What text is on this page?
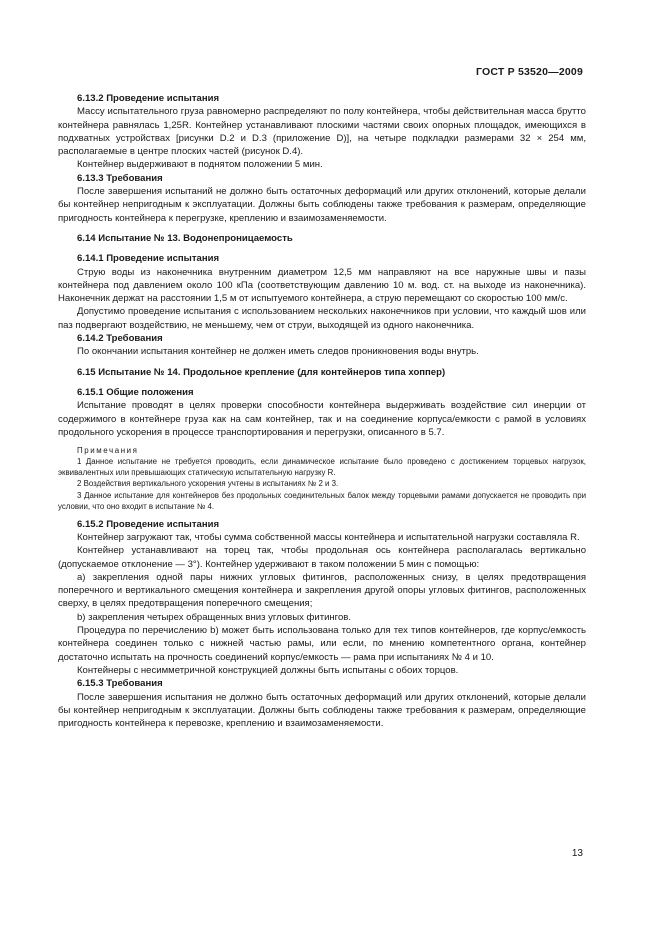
ГОСТ Р 53520—2009

6.13.2 Проведение испытания

Массу испытательного груза равномерно распределяют по полу контейнера, чтобы действительная масса брутто контейнера равнялась 1,25R. Контейнер устанавливают плоскими частями своих опорных площадок, имеющихся в подхватных устройствах [рисунки D.2 и D.3 (приложение D)], на четыре подкладки размерами 32 × 254 мм, располагаемые в центре плоских частей (рисунок D.4).

Контейнер выдерживают в поднятом положении 5 мин.

6.13.3 Требования

После завершения испытаний не должно быть остаточных деформаций или других отклонений, которые делали бы контейнер непригодным к эксплуатации. Должны быть соблюдены также требования к размерам, определяющие пригодность контейнера к перегрузке, креплению и взаимозаменяемости.

6.14 Испытание № 13. Водонепроницаемость

6.14.1 Проведение испытания

Струю воды из наконечника внутренним диаметром 12,5 мм направляют на все наружные швы и пазы контейнера под давлением около 100 кПа (соответствующим давлению 10 м. вод. ст. на выходе из наконечника). Наконечник держат на расстоянии 1,5 м от испытуемого контейнера, а струю перемещают со скоростью 100 мм/с.

Допустимо проведение испытания с использованием нескольких наконечников при условии, что каждый шов или паз подвергают воздействию, не меньшему, чем от струи, выходящей из одного наконечника.

6.14.2 Требования

По окончании испытания контейнер не должен иметь следов проникновения воды внутрь.

6.15 Испытание № 14. Продольное крепление (для контейнеров типа хоппер)

6.15.1 Общие положения

Испытание проводят в целях проверки способности контейнера выдерживать воздействие сил инерции от содержимого в контейнере груза как на сам контейнер, так и на соединение корпуса/емкости с рамой в условиях продольного ускорения в процессе транспортирования и перегрузки, описанного в 5.7.

Примечания

1 Данное испытание не требуется проводить, если динамическое испытание было проведено с достижением торцевых нагрузок, эквивалентных или превышающих статическую испытательную нагрузку R.

2 Воздействия вертикального ускорения учтены в испытаниях № 2 и 3.

3 Данное испытание для контейнеров без продольных соединительных балок между торцевыми рамами допускается не проводить при условии, что оно входит в испытание № 4.

6.15.2 Проведение испытания

Контейнер загружают так, чтобы сумма собственной массы контейнера и испытательной нагрузки составляла R.

Контейнер устанавливают на торец так, чтобы продольная ось контейнера располагалась вертикально (допускаемое отклонение — 3°). Контейнер удерживают в таком положении 5 мин с помощью:

а) закрепления одной пары нижних угловых фитингов, расположенных снизу, в целях предотвращения поперечного и вертикального смещения контейнера и закрепления другой опоры угловых фитингов, расположенных сверху, в целях предотвращения поперечного смещения;

b) закрепления четырех обращенных вниз угловых фитингов.

Процедура по перечислению b) может быть использована только для тех типов контейнеров, где корпус/емкость контейнера соединен только с нижней частью рамы, или если, по мнению компетентного органа, контейнер достаточно испытать на прочность соединений корпус/емкость — рама при испытаниях № 4 и 10.

Контейнеры с несимметричной конструкцией должны быть испытаны с обоих торцов.

6.15.3 Требования

После завершения испытания не должно быть остаточных деформаций или других отклонений, которые делали бы контейнер непригодным к эксплуатации. Должны быть соблюдены также требования к размерам, определяющие пригодность контейнера к перевозке, креплению и взаимозаменяемости.

13
